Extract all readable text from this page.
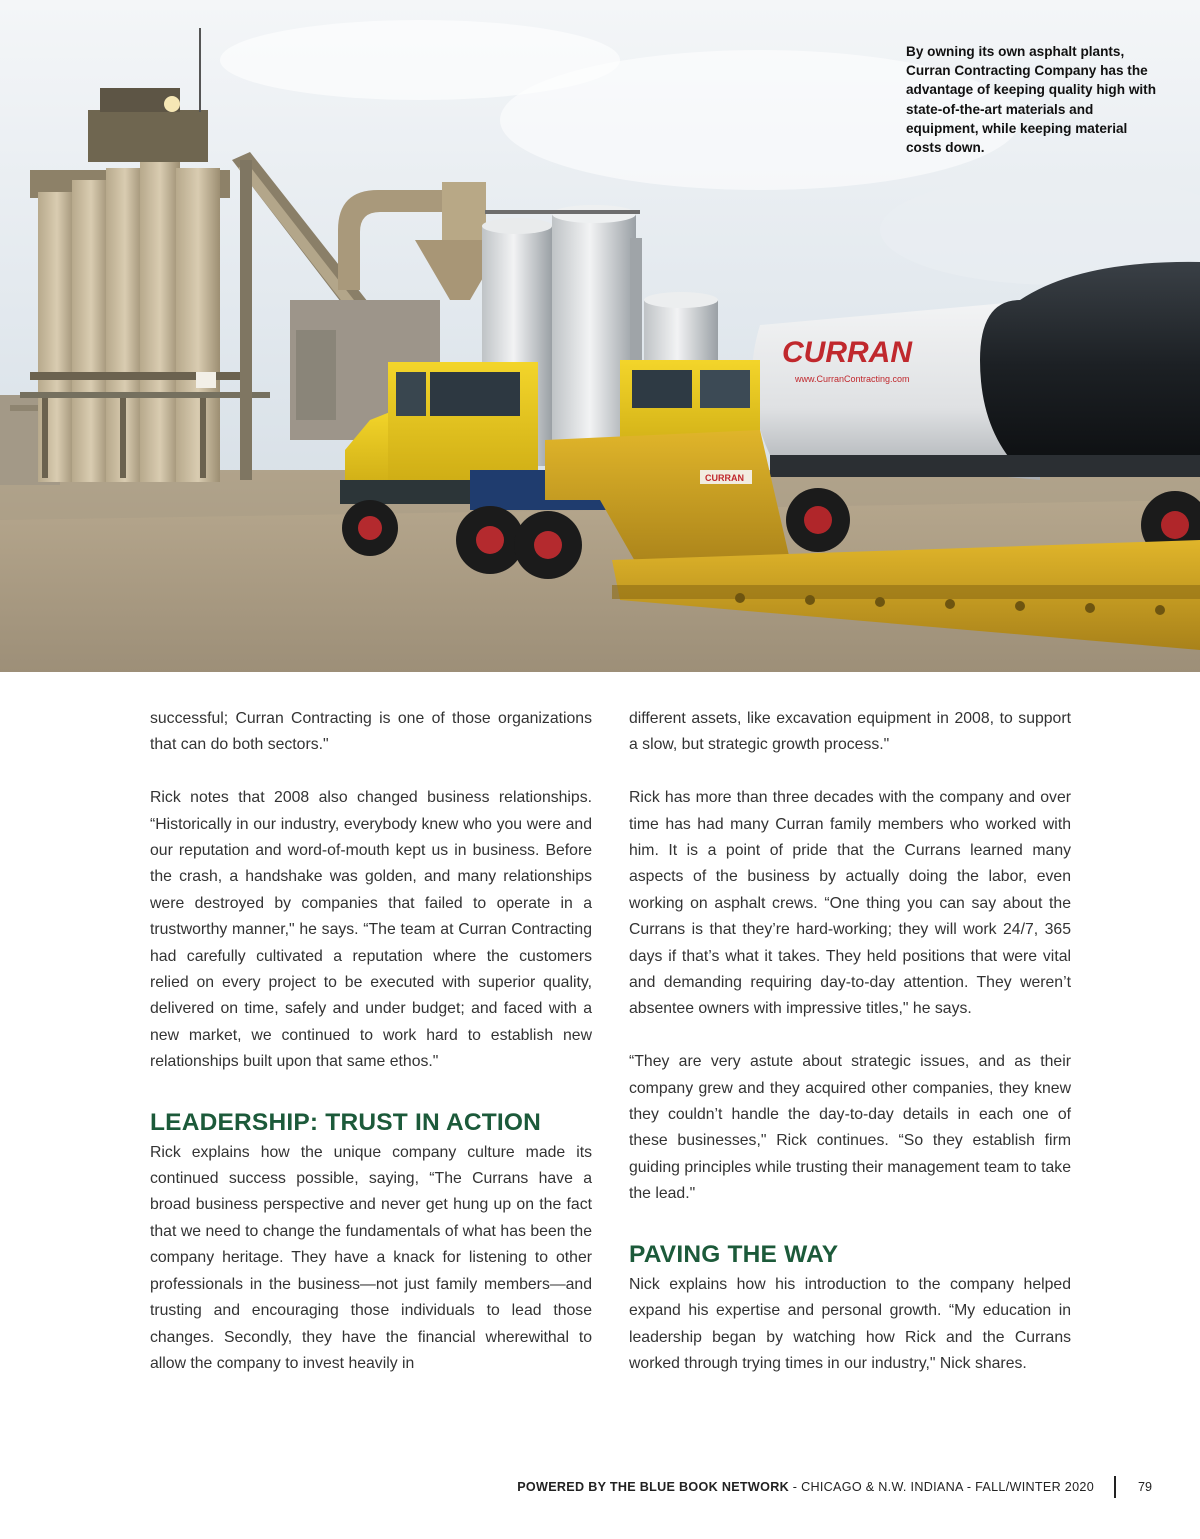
CURRAN
www.CurranContracting.com
CURRAN

By owning its own asphalt plants, Curran Contracting Company has the advantage of keeping quality high with state-of-the-art materials and equipment, while keeping material costs down.

successful; Curran Contracting is one of those organizations that can do both sectors."

Rick notes that 2008 also changed business relationships. “Historically in our industry, everybody knew who you were and our reputation and word-of-mouth kept us in business. Before the crash, a handshake was golden, and many relationships were destroyed by companies that failed to operate in a trustworthy manner," he says. “The team at Curran Contracting had carefully cultivated a reputation where the customers relied on every project to be executed with superior quality, delivered on time, safely and under budget; and faced with a new market, we continued to work hard to establish new relationships built upon that same ethos."

LEADERSHIP: TRUST IN ACTION

Rick explains how the unique company culture made its continued success possible, saying, “The Currans have a broad business perspective and never get hung up on the fact that we need to change the fundamentals of what has been the company heritage. They have a knack for listening to other professionals in the business—not just family members—and trusting and encouraging those individuals to lead those changes. Secondly, they have the financial wherewithal to allow the company to invest heavily in

different assets, like excavation equipment in 2008, to support a slow, but strategic growth process."

Rick has more than three decades with the company and over time has had many Curran family members who worked with him. It is a point of pride that the Currans learned many aspects of the business by actually doing the labor, even working on asphalt crews. “One thing you can say about the Currans is that they’re hard-working; they will work 24/7, 365 days if that’s what it takes. They held positions that were vital and demanding requiring day-to-day attention. They weren’t absentee owners with impressive titles," he says.

“They are very astute about strategic issues, and as their company grew and they acquired other companies, they knew they couldn’t handle the day-to-day details in each one of these businesses," Rick continues. “So they establish firm guiding principles while trusting their management team to take the lead."

PAVING THE WAY

Nick explains how his introduction to the company helped expand his expertise and personal growth. “My education in leadership began by watching how Rick and the Currans worked through trying times in our industry," Nick shares.

POWERED BY THE BLUE BOOK NETWORK - CHICAGO & N.W. INDIANA - FALL/WINTER 2020	79
